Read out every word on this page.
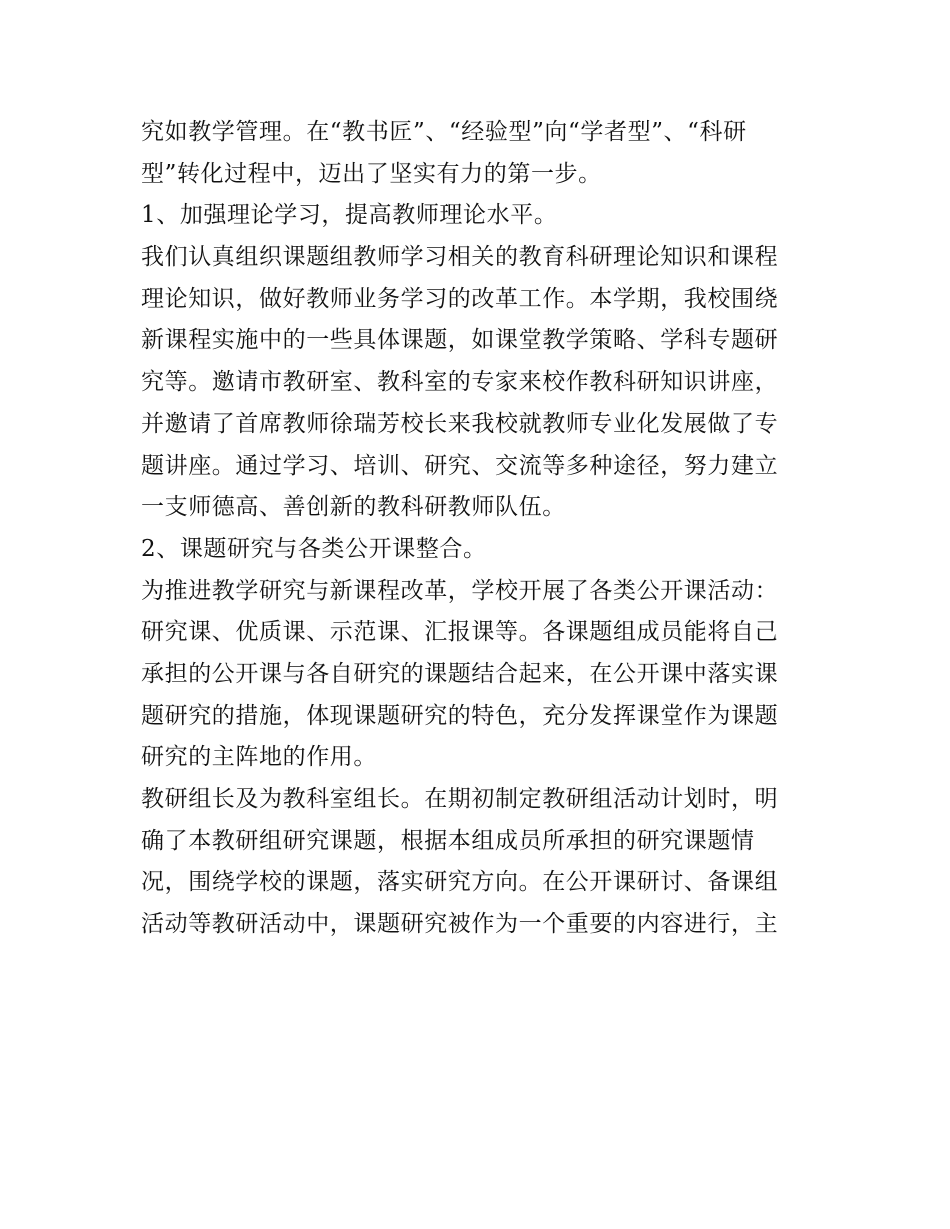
究如教学管理。在“教书匠”、“经验型”向“学者型”、“科研
型”转化过程中，迈出了坚实有力的第一步。
1、加强理论学习，提高教师理论水平。
我们认真组织课题组教师学习相关的教育科研理论知识和课程
理论知识，做好教师业务学习的改革工作。本学期，我校围绕
新课程实施中的一些具体课题，如课堂教学策略、学科专题研
究等。邀请市教研室、教科室的专家来校作教科研知识讲座，
并邀请了首席教师徐瑞芳校长来我校就教师专业化发展做了专
题讲座。通过学习、培训、研究、交流等多种途径，努力建立
一支师德高、善创新的教科研教师队伍。
2、课题研究与各类公开课整合。
为推进教学研究与新课程改革，学校开展了各类公开课活动：
研究课、优质课、示范课、汇报课等。各课题组成员能将自己
承担的公开课与各自研究的课题结合起来，在公开课中落实课
题研究的措施，体现课题研究的特色，充分发挥课堂作为课题
研究的主阵地的作用。
教研组长及为教科室组长。在期初制定教研组活动计划时，明
确了本教研组研究课题，根据本组成员所承担的研究课题情
况，围绕学校的课题，落实研究方向。在公开课研讨、备课组
活动等教研活动中，课题研究被作为一个重要的内容进行，主
